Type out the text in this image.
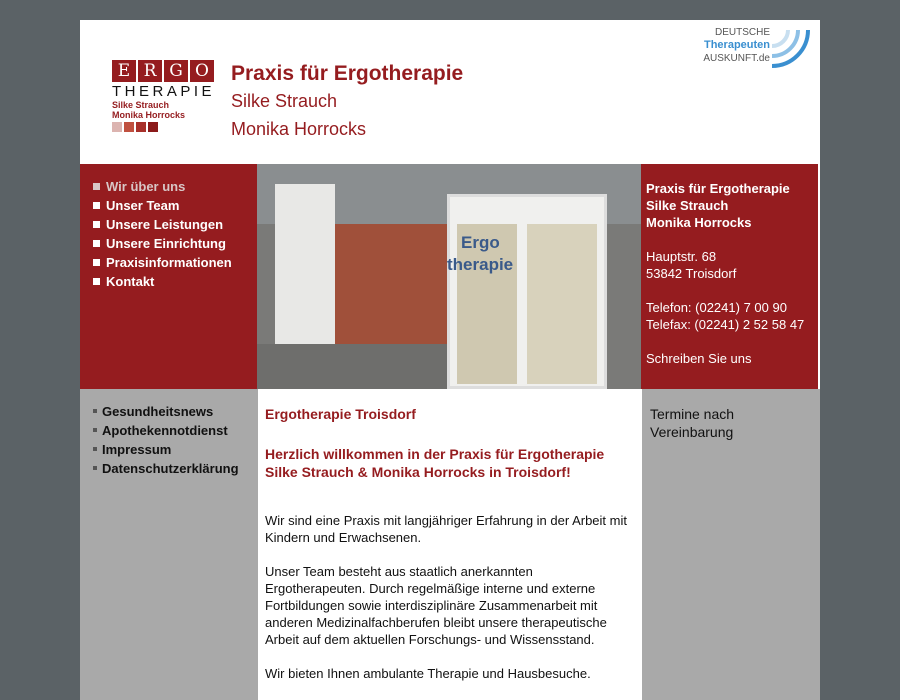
E R G O
THERAPIE
Silke Strauch
Monika Horrocks
Praxis für Ergotherapie
Silke Strauch
Monika Horrocks
DEUTSCHE
Therapeuten
AUSKUNFT.de
Wir über uns
Unser Team
Unsere Leistungen
Unsere Einrichtung
Praxisinformationen
Kontakt
Ergo
therapie
Praxis für Ergotherapie
Silke Strauch
Monika Horrocks

Hauptstr. 68
53842 Troisdorf

Telefon: (02241) 7 00 90
Telefax: (02241) 2 52 58 47

Schreiben Sie uns
Gesundheitsnews
Apothekennotdienst
Impressum
Datenschutzerklärung
Ergotherapie Troisdorf
Herzlich willkommen in der Praxis für Ergotherapie Silke Strauch & Monika Horrocks in Troisdorf!

Wir sind eine Praxis mit langjähriger Erfahrung in der Arbeit mit Kindern und Erwachsenen.

Unser Team besteht aus staatlich anerkannten Ergotherapeuten. Durch regelmäßige interne und externe Fortbildungen sowie interdisziplinäre Zusammenarbeit mit anderen Medizinalfachberufen bleibt unsere therapeutische Arbeit auf dem aktuellen Forschungs- und Wissensstand.

Wir bieten Ihnen ambulante Therapie und Hausbesuche.

Termine nach Vereinbarung
